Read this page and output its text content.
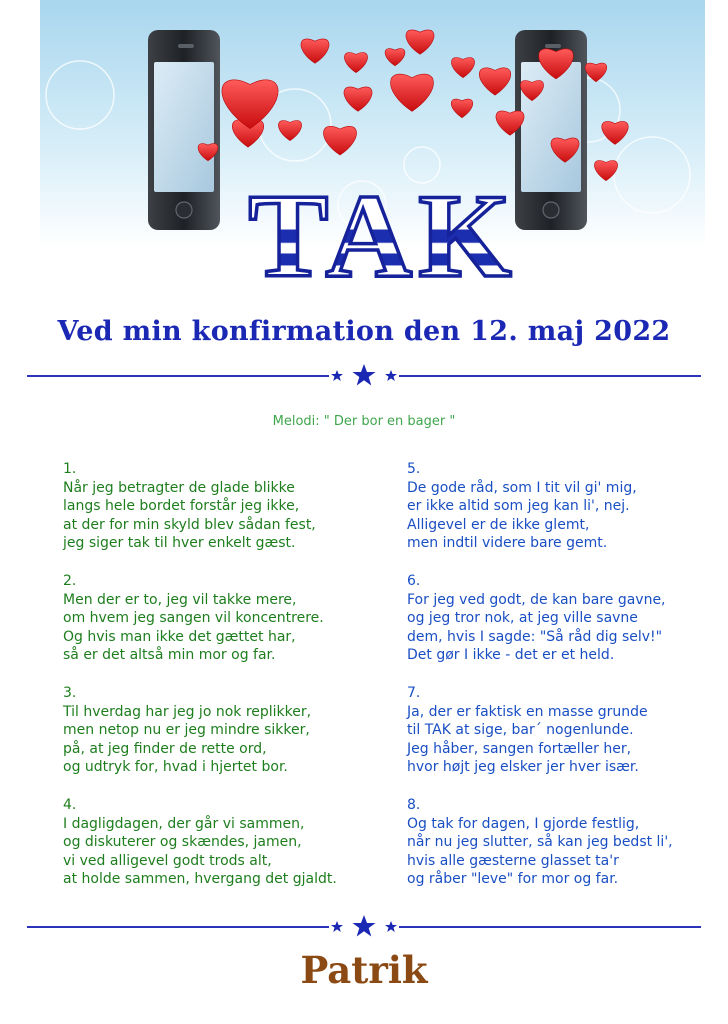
TAK
Ved min konfirmation den 12. maj 2022
Melodi: " Der bor en bager "
1.
Når jeg betragter de glade blikke
langs hele bordet forstår jeg ikke,
at der for min skyld blev sådan fest,
jeg siger tak til hver enkelt gæst.
2.
Men der er to, jeg vil takke mere,
om hvem jeg sangen vil koncentrere.
Og hvis man ikke det gættet har,
så er det altså min mor og far.
3.
Til hverdag har jeg jo nok replikker,
men netop nu er jeg mindre sikker,
på, at jeg finder de rette ord,
og udtryk for, hvad i hjertet bor.
4.
I dagligdagen, der går vi sammen,
og diskuterer og skændes, jamen,
vi ved alligevel godt trods alt,
at holde sammen, hvergang det gjaldt.
5.
De gode råd, som I tit vil gi' mig,
er ikke altid som jeg kan li', nej.
Alligevel er de ikke glemt,
men indtil videre bare gemt.
6.
For jeg ved godt, de kan bare gavne,
og jeg tror nok, at jeg ville savne
dem, hvis I sagde: "Så råd dig selv!"
Det gør I ikke - det er et held.
7.
Ja, der er faktisk en masse grunde
til TAK at sige, bar´ nogenlunde.
Jeg håber, sangen fortæller her,
hvor højt jeg elsker jer hver især.
8.
Og tak for dagen, I gjorde festlig,
når nu jeg slutter, så kan jeg bedst li',
hvis alle gæsterne glasset ta'r
og råber "leve" for mor og far.
Patrik
